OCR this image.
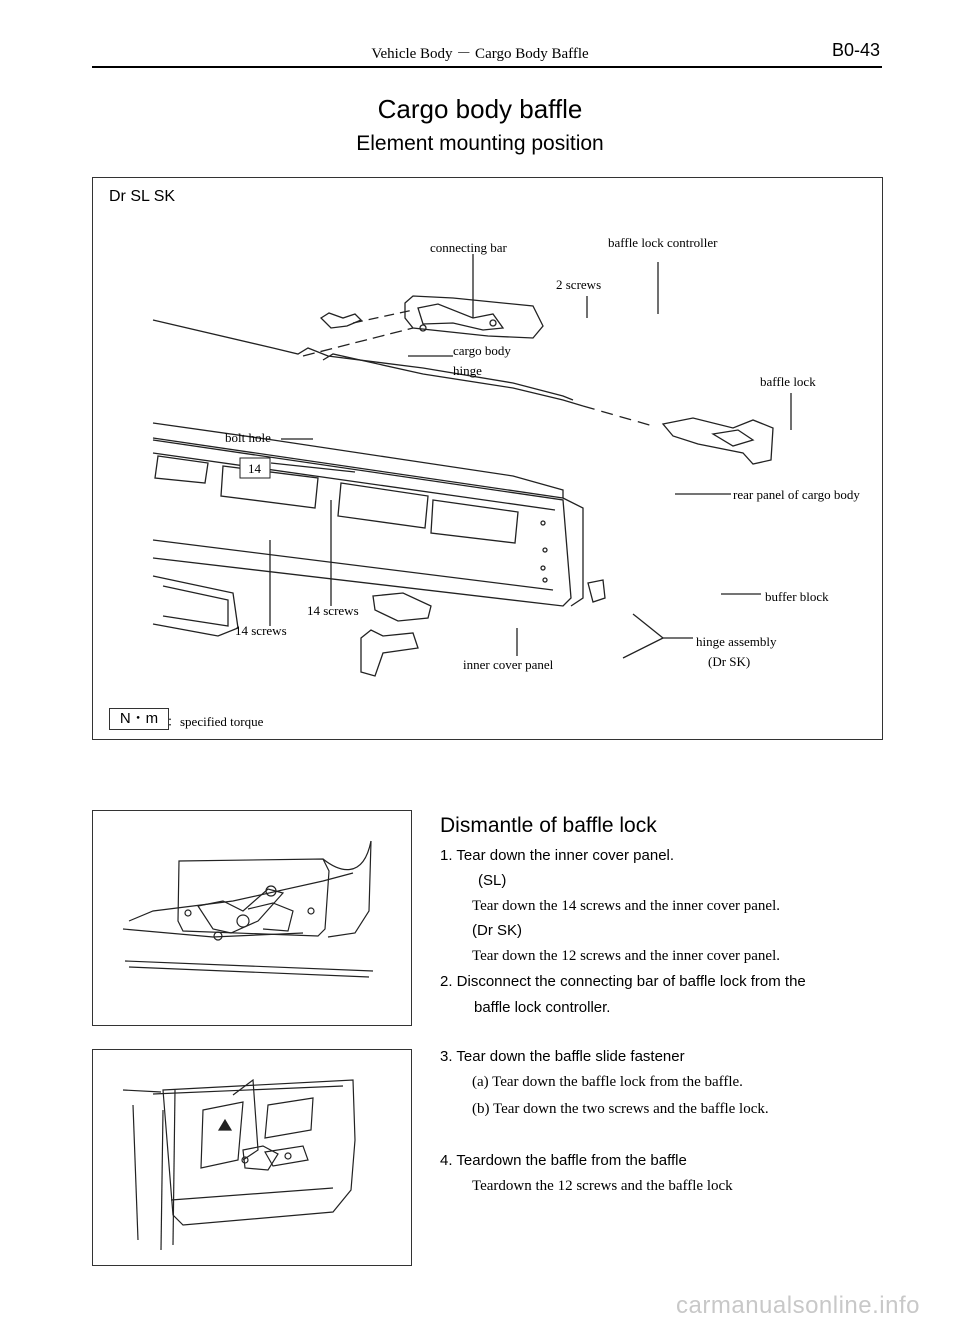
Vehicle Body － Cargo Body Baffle	B0-43
Cargo body baffle
Element mounting position
Dr SL SK
connecting bar	baffle lock controller
2 screws
cargo body
hinge
baffle lock
bolt hole
14
rear panel of cargo body
buffer block
14 screws
14 screws
inner cover panel
hinge assembly
(Dr SK)
N・m ：specified torque
Dismantle of baffle lock
1. Tear down the inner cover panel.
(SL)
Tear down the 14 screws and the inner cover panel.
(Dr SK)
Tear down the 12 screws and the inner cover panel.
2. Disconnect the connecting bar of baffle lock from the
baffle lock controller.
3. Tear down the baffle slide fastener
(a) Tear down the baffle lock from the baffle.
(b) Tear down the two screws and the baffle lock.
4. Teardown the baffle from the baffle
Teardown the 12 screws and the baffle lock
carmanualsonline.info
